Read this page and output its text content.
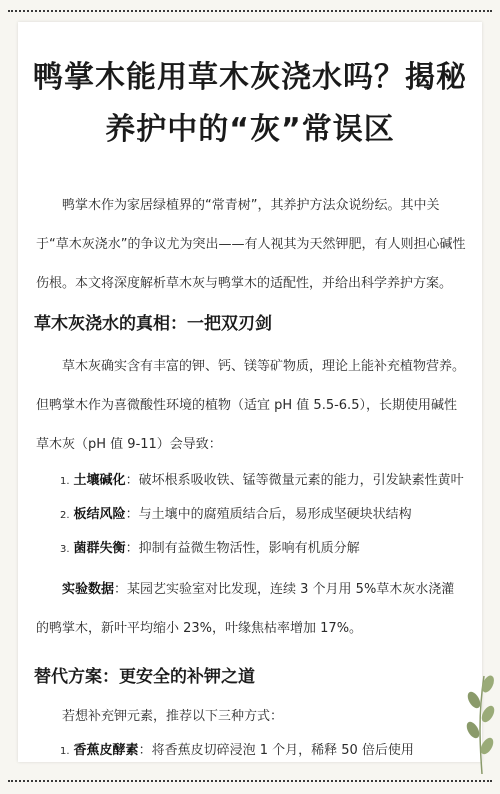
鸭掌木能用草木灰浇水吗？揭秘养护中的“灰”常误区
鸭掌木作为家居绿植界的“常青树”，其养护方法众说纷纭。其中关于“草木灰浇水”的争议尤为突出——有人视其为天然钾肥，有人则担心碱性伤根。本文将深度解析草木灰与鸭掌木的适配性，并给出科学养护方案。
草木灰浇水的真相：一把双刃剑

草木灰确实含有丰富的钾、钙、镁等矿物质，理论上能补充植物营养。但鸭掌木作为喜微酸性环境的植物（适宜 pH 值 5.5-6.5），长期使用碱性草木灰（pH 值 9-11）会导致：

1. 土壤碱化：破坏根系吸收铁、锰等微量元素的能力，引发缺素性黄叶
2. 板结风险：与土壤中的腐殖质结合后，易形成坚硬块状结构
3. 菌群失衡：抑制有益微生物活性，影响有机质分解
实验数据：某园艺实验室对比发现，连续 3 个月用 5%草木灰水浇灌的鸭掌木，新叶平均缩小 23%，叶缘焦枯率增加 17%。
替代方案：更安全的补钾之道
若想补充钾元素，推荐以下三种方式：
1. 香蕉皮酵素：将香蕉皮切碎浸泡 1 个月，稀释 50 倍后使用
